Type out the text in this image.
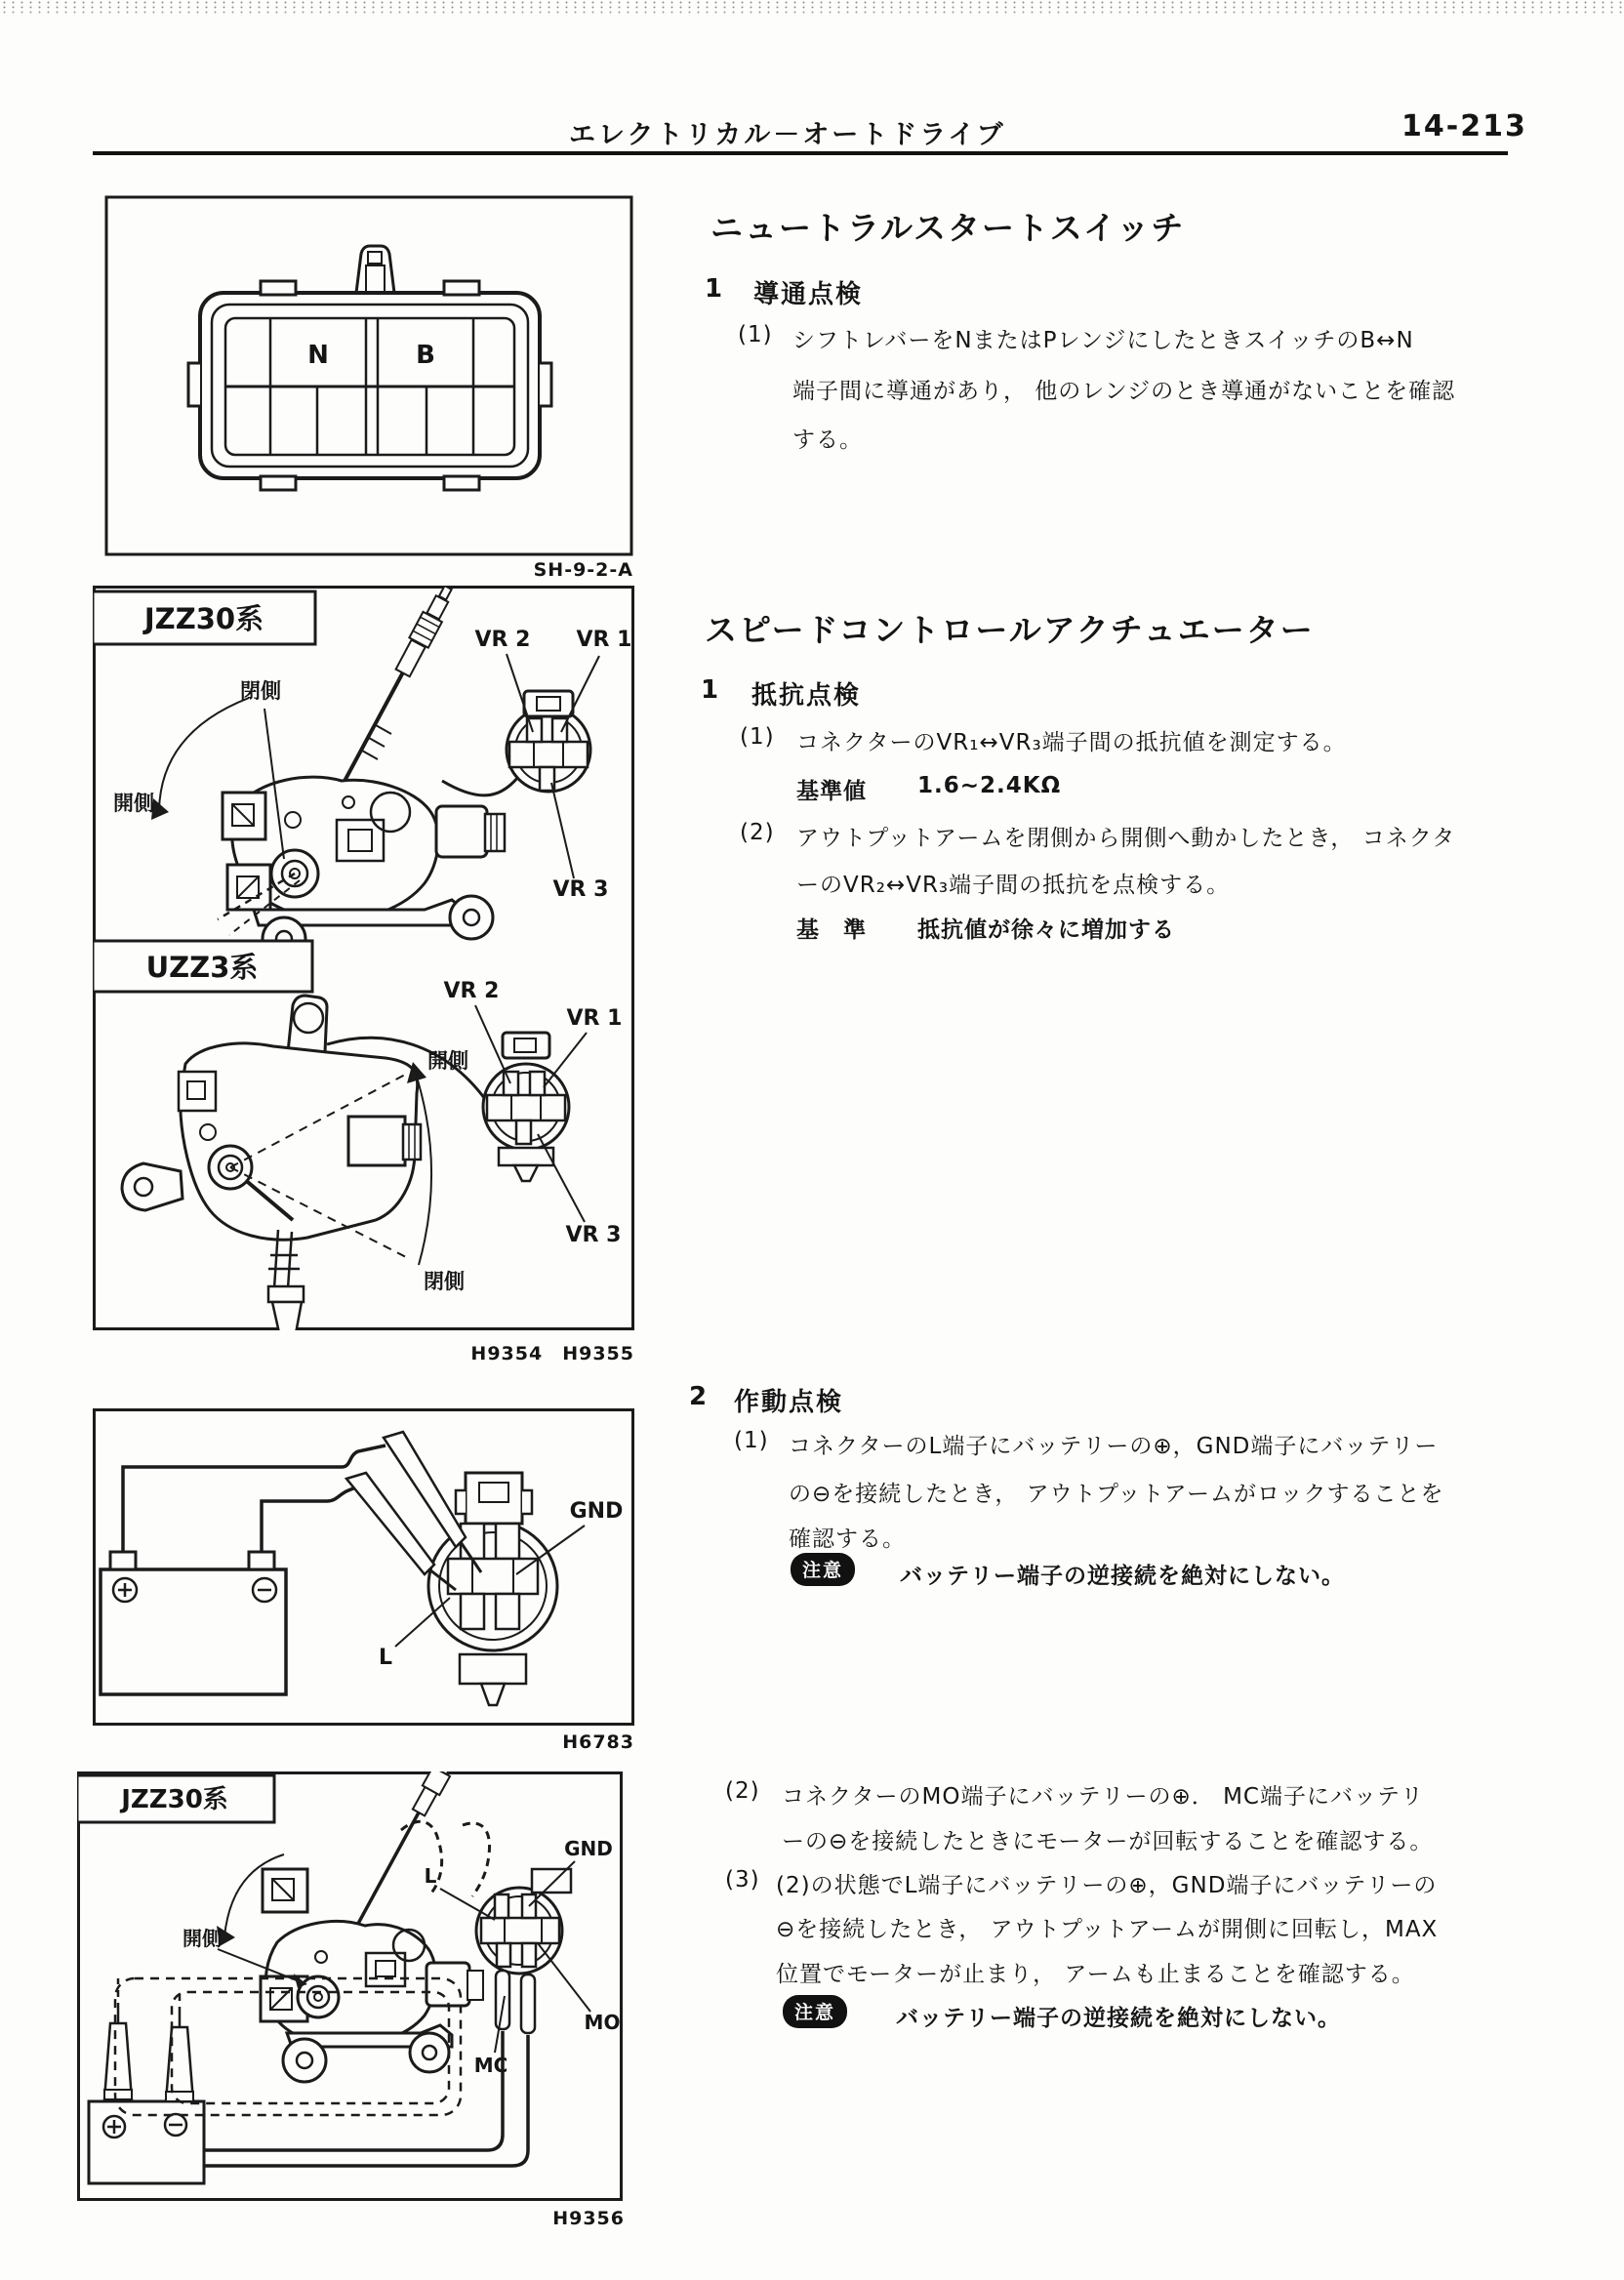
エレクトリカル－オートドライブ	14-213
ニュートラルスタートスイッチ
1 導通点検
(1) シフトレバーをNまたはPレンジにしたときスイッチのB↔N
端子間に導通があり， 他のレンジのとき導通がないことを確認
する。
スピードコントロールアクチュエーター
1 抵抗点検
(1) コネクターのVR₁↔VR₃端子間の抵抗値を測定する。
基準値 1.6~2.4KΩ
(2) アウトプットアームを閉側から開側へ動かしたとき， コネクタ
ーのVR₂↔VR₃端子間の抵抗を点検する。
基　準 抵抗値が徐々に増加する
2 作動点検
(1) コネクターのL端子にバッテリーの⊕，GND端子にバッテリー
の⊖を接続したとき， アウトプットアームがロックすることを
確認する。
注意	バッテリー端子の逆接続を絶対にしない。
(2) コネクターのMO端子にバッテリーの⊕． MC端子にバッテリ
ーの⊖を接続したときにモーターが回転することを確認する。
(3) (2)の状態でL端子にバッテリーの⊕，GND端子にバッテリーの
⊖を接続したとき， アウトプットアームが開側に回転し，MAX
位置でモーターが止まり， アームも止まることを確認する。
注意	バッテリー端子の逆接続を絶対にしない。
N	B
SH-9-2-A
閉側
開側
VR 2 VR 1
VR 3
JZZ30系
開側
閉側
VR 2
VR 1
VR 3
UZZ3系
H9354　H9355
GND
L
H6783
開側
L
GND
MO
MC
JZZ30系
H9356
